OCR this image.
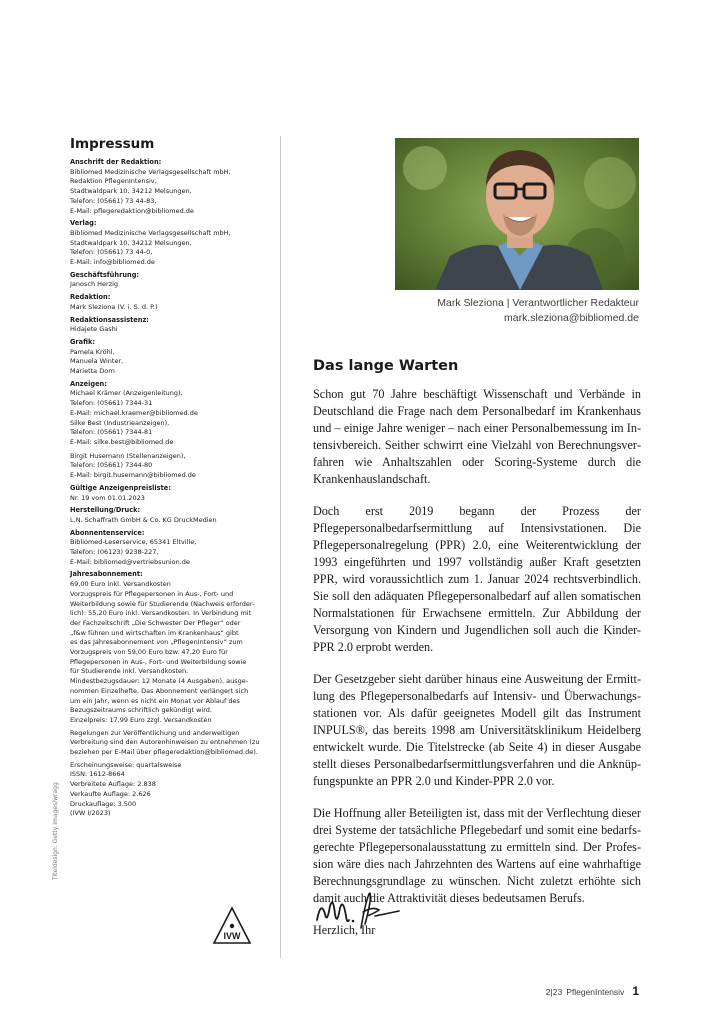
Impressum
Anschrift der Redaktion:
Bibliomed Medizinische Verlagsgesellschaft mbH,
Redaktion PflegenIntensiv,
Stadtwaldpark 10, 34212 Melsungen,
Telefon: (05661) 73 44-83,
E-Mail: pflegeredaktion@bibliomed.de
Verlag:
Bibliomed Medizinische Verlagsgesellschaft mbH,
Stadtwaldpark 10, 34212 Melsungen,
Telefon: (05661) 73 44-0,
E-Mail: info@bibliomed.de
Geschäftsführung:
Janosch Herzig
Redaktion:
Mark Sleziona (V. i. S. d. P.)
Redaktionsassistenz:
Hidajete Gashi
Grafik:
Pamela Kröhl,
Manuela Winter,
Marietta Dorn
Anzeigen:
Michael Krämer (Anzeigenleitung),
Telefon: (05661) 7344-31
E-Mail: michael.kraemer@bibliomed.de
Silke Best (Industrieanzeigen),
Telefon: (05661) 7344-81
E-Mail: silke.best@bibliomed.de
Birgit Husemann (Stellenanzeigen),
Telefon: (05661) 7344-80
E-Mail: birgit.husemann@bibliomed.de
Gültige Anzeigenpreisliste:
Nr. 19 vom 01.01.2023
Herstellung/Druck:
L.N. Schaffrath GmbH & Co. KG DruckMedien
Abonnentenservice:
Bibliomed-Leserservice, 65341 Eltville,
Telefon: (06123) 9238-227,
E-Mail: bibliomed@vertriebsunion.de
Jahresabonnement:
69,00 Euro inkl. Versandkosten
Vorzugspreis für Pflegepersonen in Aus-, Fort- und
Weiterbildung sowie für Studierende (Nachweis erforder-
lich): 55,20 Euro inkl. Versandkosten. In Verbindung mit
der Fachzeitschrift „Die Schwester Der Pfleger“ oder
„f&w führen und wirtschaften im Krankenhaus“ gibt
es das Jahresabonnement von „PflegenIntensiv“ zum
Vorzugspreis von 59,00 Euro bzw. 47,20 Euro für
Pflegepersonen in Aus-, Fort- und Weiterbildung sowie
für Studierende inkl. Versandkosten.
Mindestbezugsdauer: 12 Monate (4 Ausgaben), ausge-
nommen Einzelhefte. Das Abonnement verlängert sich
um ein Jahr, wenn es nicht ein Monat vor Ablauf des
Bezugszeitraums schriftlich gekündigt wird.
Einzelpreis: 17,99 Euro zzgl. Versandkosten
Regelungen zur Veröffentlichung und anderweitigen
Verbreitung sind den Autorenhinweisen zu entnehmen (zu
beziehen per E-Mail über pflegeredaktion@bibliomed.de).
Erscheinungsweise: quartalsweise
ISSN: 1612-8664
Verbreitete Auflage: 2.838
Verkaufte Auflage: 2.626
Druckauflage: 3.500
(IVW I/2023)
Titeldesign: Getty Images/wragg
IVW
Mark Sleziona | Verantwortlicher Redakteur
mark.sleziona@bibliomed.de
Das lange Warten

Schon gut 70 Jahre beschäftigt Wissenschaft und Verbände in Deutschland die Frage nach dem Personalbedarf im Krankenhaus und – einige Jahre weniger – nach einer Personalbemessung im Intensivbereich. Seither schwirrt eine Vielzahl von Berechnungsverfahren wie Anhaltszahlen oder Scoring-Systeme durch die Krankenhauslandschaft.

Doch erst 2019 begann der Prozess der Pflegepersonalbedarfsermittlung auf Intensivstationen. Die Pflegepersonalregelung (PPR) 2.0, eine Weiterentwicklung der 1993 eingeführten und 1997 vollständig außer Kraft gesetzten PPR, wird voraussichtlich zum 1. Januar 2024 rechtsverbindlich. Sie soll den adäquaten Pflegepersonalbedarf auf allen somatischen Normalstationen für Erwachsene ermitteln. Zur Abbildung der Versorgung von Kindern und Jugendlichen soll auch die Kinder-PPR 2.0 erprobt werden.

Der Gesetzgeber sieht darüber hinaus eine Ausweitung der Ermittlung des Pflegepersonalbedarfs auf Intensiv- und Überwachungsstationen vor. Als dafür geeignetes Modell gilt das Instrument INPULS®, das bereits 1998 am Universitätsklinikum Heidelberg entwickelt wurde. Die Titelstrecke (ab Seite 4) in dieser Ausgabe stellt dieses Personalbedarfsermittlungsverfahren und die Anknüpfungspunkte an PPR 2.0 und Kinder-PPR 2.0 vor.

Die Hoffnung aller Beteiligten ist, dass mit der Verflechtung dieser drei Systeme der tatsächliche Pflegebedarf und somit eine bedarfsgerechte Pflegepersonalausstattung zu ermitteln sind. Der Profession wäre dies nach Jahrzehnten des Wartens auf eine wahrhaftige Berechnungsgrundlage zu wünschen. Nicht zuletzt erhöhte sich damit auch die Attraktivität dieses bedeutsamen Berufs.

Herzlich, Ihr

2|23 PflegenIntensiv 1
